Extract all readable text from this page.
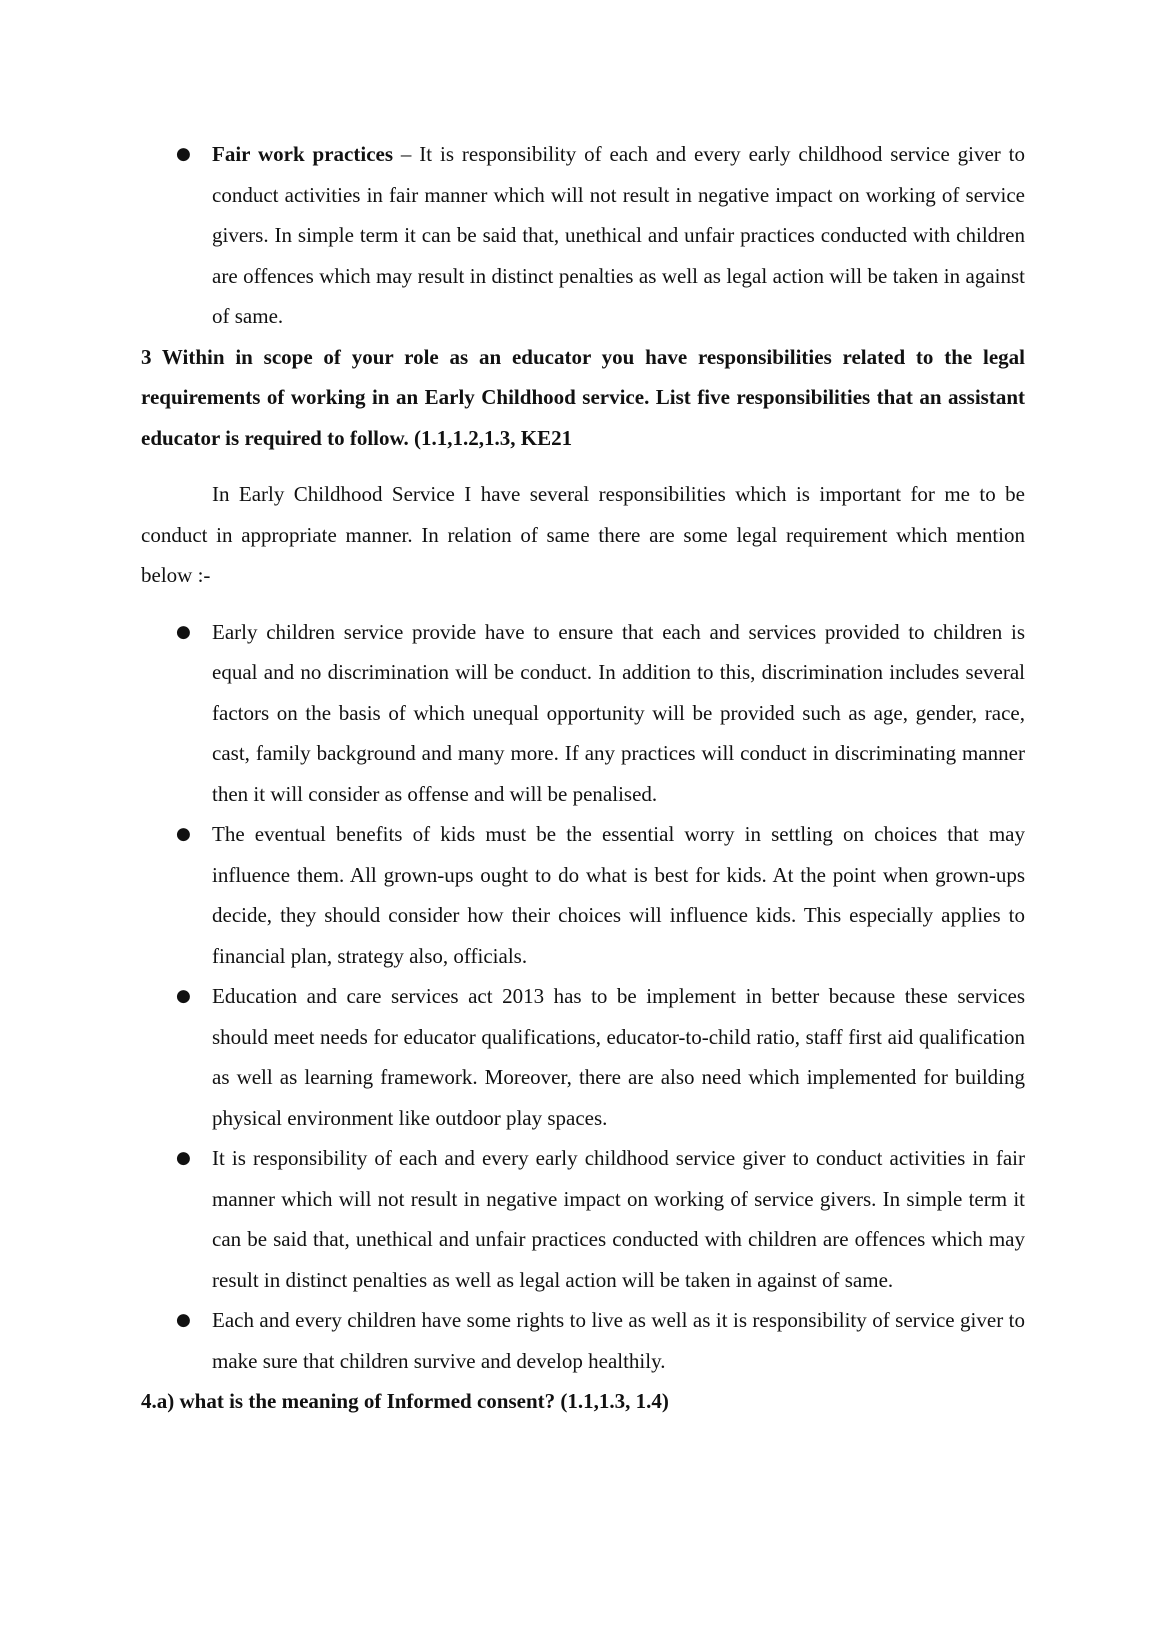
● Fair work practices – It is responsibility of each and every early childhood service giver to conduct activities in fair manner which will not result in negative impact on working of service givers. In simple term it can be said that, unethical and unfair practices conducted with children are offences which may result in distinct penalties as well as legal action will be taken in against of same.

3 Within in scope of your role as an educator you have responsibilities related to the legal requirements of working in an Early Childhood service. List five responsibilities that an assistant educator is required to follow. (1.1,1.2,1.3, KE21

In Early Childhood Service I have several responsibilities which is important for me to be conduct in appropriate manner. In relation of same there are some legal requirement which mention below :-

● Early children service provide have to ensure that each and services provided to children is equal and no discrimination will be conduct. In addition to this, discrimination includes several factors on the basis of which unequal opportunity will be provided such as age, gender, race, cast, family background and many more. If any practices will conduct in discriminating manner then it will consider as offense and will be penalised.
● The eventual benefits of kids must be the essential worry in settling on choices that may influence them. All grown-ups ought to do what is best for kids. At the point when grown-ups decide, they should consider how their choices will influence kids. This especially applies to financial plan, strategy also, officials.
● Education and care services act 2013 has to be implement in better because these services should meet needs for educator qualifications, educator-to-child ratio, staff first aid qualification as well as learning framework. Moreover, there are also need which implemented for building physical environment like outdoor play spaces.
● It is responsibility of each and every early childhood service giver to conduct activities in fair manner which will not result in negative impact on working of service givers. In simple term it can be said that, unethical and unfair practices conducted with children are offences which may result in distinct penalties as well as legal action will be taken in against of same.
● Each and every children have some rights to live as well as it is responsibility of service giver to make sure that children survive and develop healthily.

4.a) what is the meaning of Informed consent? (1.1,1.3, 1.4)
